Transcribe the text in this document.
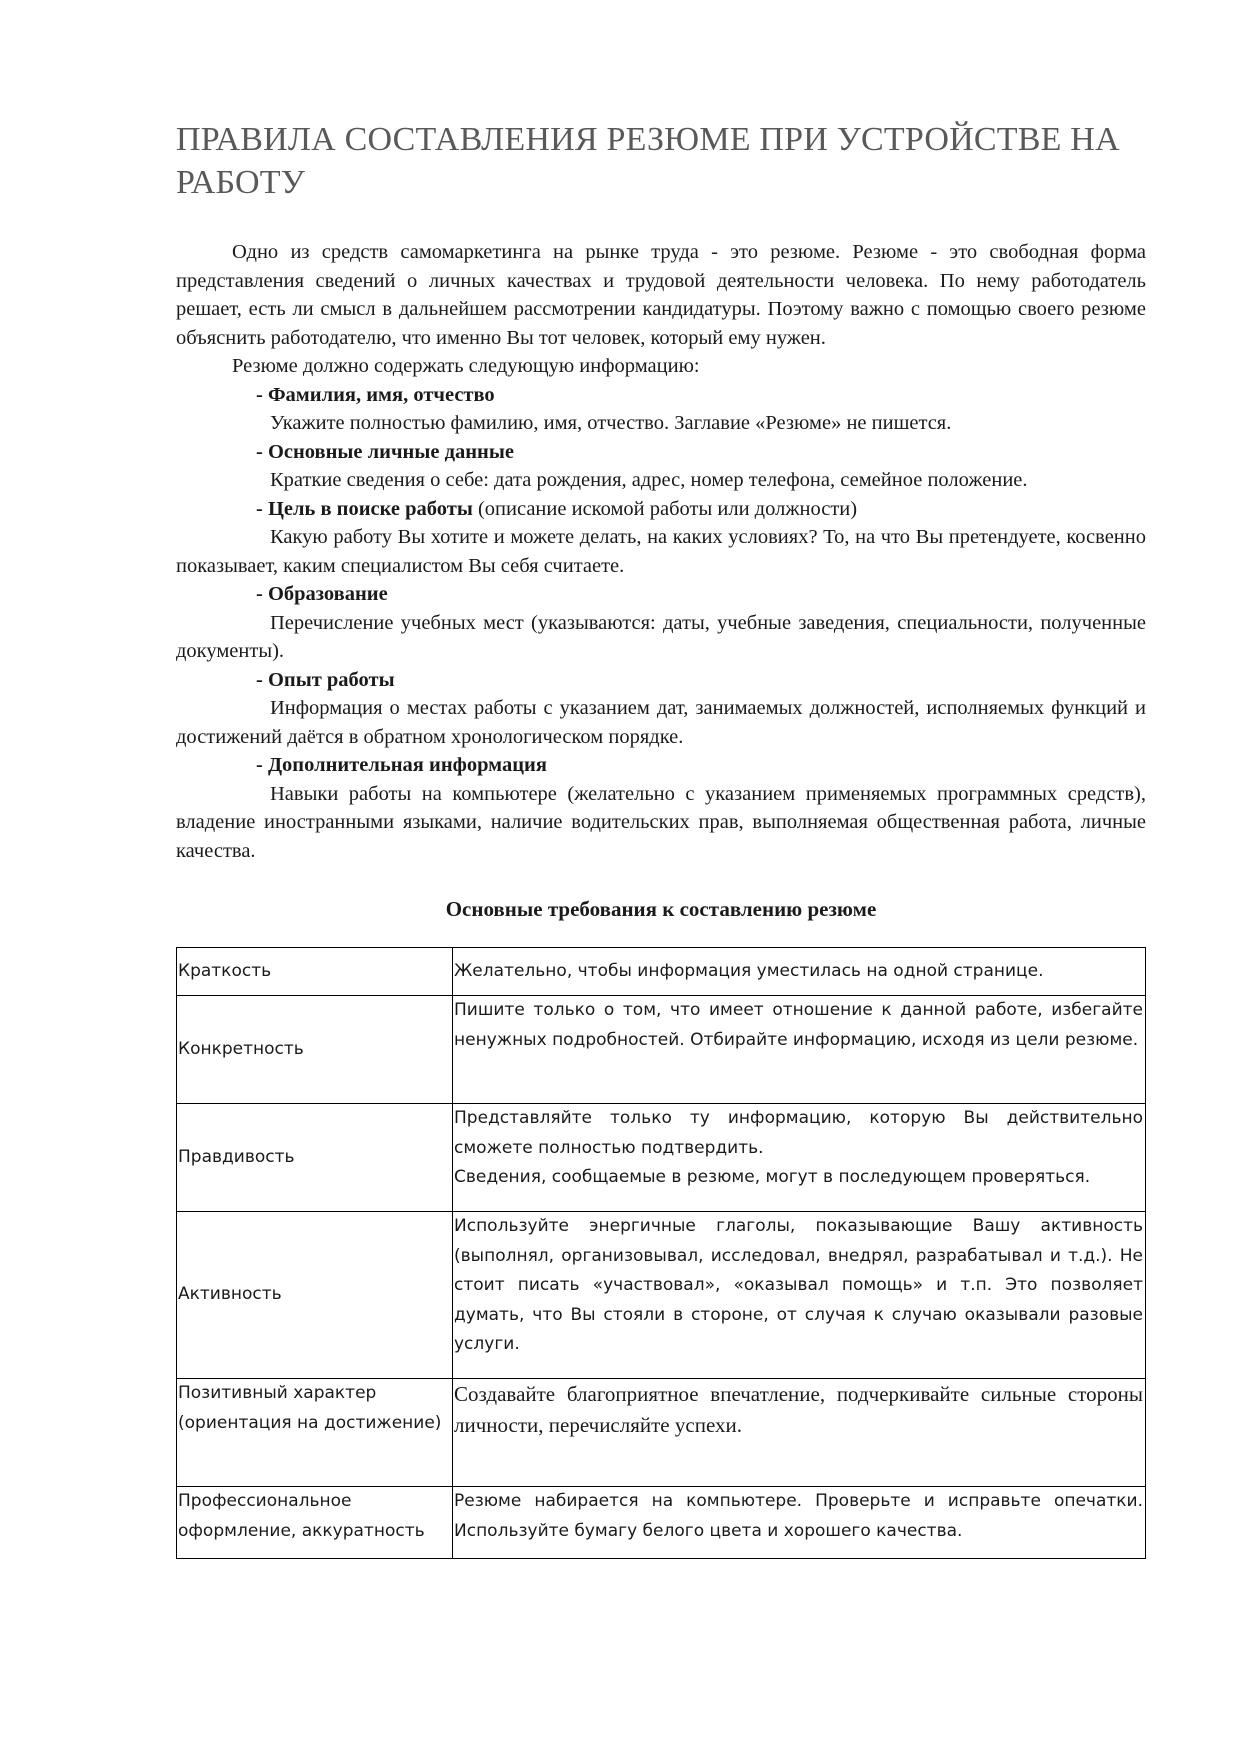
ПРАВИЛА СОСТАВЛЕНИЯ РЕЗЮМЕ ПРИ УСТРОЙСТВЕ НА РАБОТУ

Одно из средств самомаркетинга на рынке труда - это резюме. Резюме - это свободная форма представления сведений о личных качествах и трудовой деятельности человека. По нему работодатель решает, есть ли смысл в дальнейшем рассмотрении кандидатуры. Поэтому важно с помощью своего резюме объяснить работодателю, что именно Вы тот человек, который ему нужен.

Резюме должно содержать следующую информацию:

- Фамилия, имя, отчество

Укажите полностью фамилию, имя, отчество. Заглавие «Резюме» не пишется.

- Основные личные данные

Краткие сведения о себе: дата рождения, адрес, номер телефона, семейное положение.

- Цель в поиске работы (описание искомой работы или должности)

Какую работу Вы хотите и можете делать, на каких условиях? То, на что Вы претендуете, косвенно показывает, каким специалистом Вы себя считаете.

- Образование

Перечисление учебных мест (указываются: даты, учебные заведения, специальности, полученные документы).

- Опыт работы

Информация о местах работы с указанием дат, занимаемых должностей, исполняемых функций и достижений даётся в обратном хронологическом порядке.

- Дополнительная информация

Навыки работы на компьютере (желательно с указанием применяемых программных средств), владение иностранными языками, наличие водительских прав, выполняемая общественная работа, личные качества.

Основные требования к составлению резюме
Краткость	Желательно, чтобы информация уместилась на одной странице.

Конкретность	Пишите только о том, что имеет отношение к данной работе, избегайте ненужных подробностей. Отбирайте информацию, исходя из цели резюме.

Правдивость	Представляйте только ту информацию, которую Вы действительно сможете полностью подтвердить.
Сведения, сообщаемые в резюме, могут в последующем проверяться.

Активность	Используйте энергичные глаголы, показывающие Вашу активность (выполнял, организовывал, исследовал, внедрял, разрабатывал и т.д.). Не стоит писать «участвовал», «оказывал помощь» и т.п. Это позволяет думать, что Вы стояли в стороне, от случая к случаю оказывали разовые услуги.

Позитивный характер (ориентация на достижение)	Создавайте благоприятное впечатление, подчеркивайте сильные стороны личности, перечисляйте успехи.

Профессиональное оформление, аккуратность	Резюме набирается на компьютере. Проверьте и исправьте опечатки. Используйте бумагу белого цвета и хорошего качества.
